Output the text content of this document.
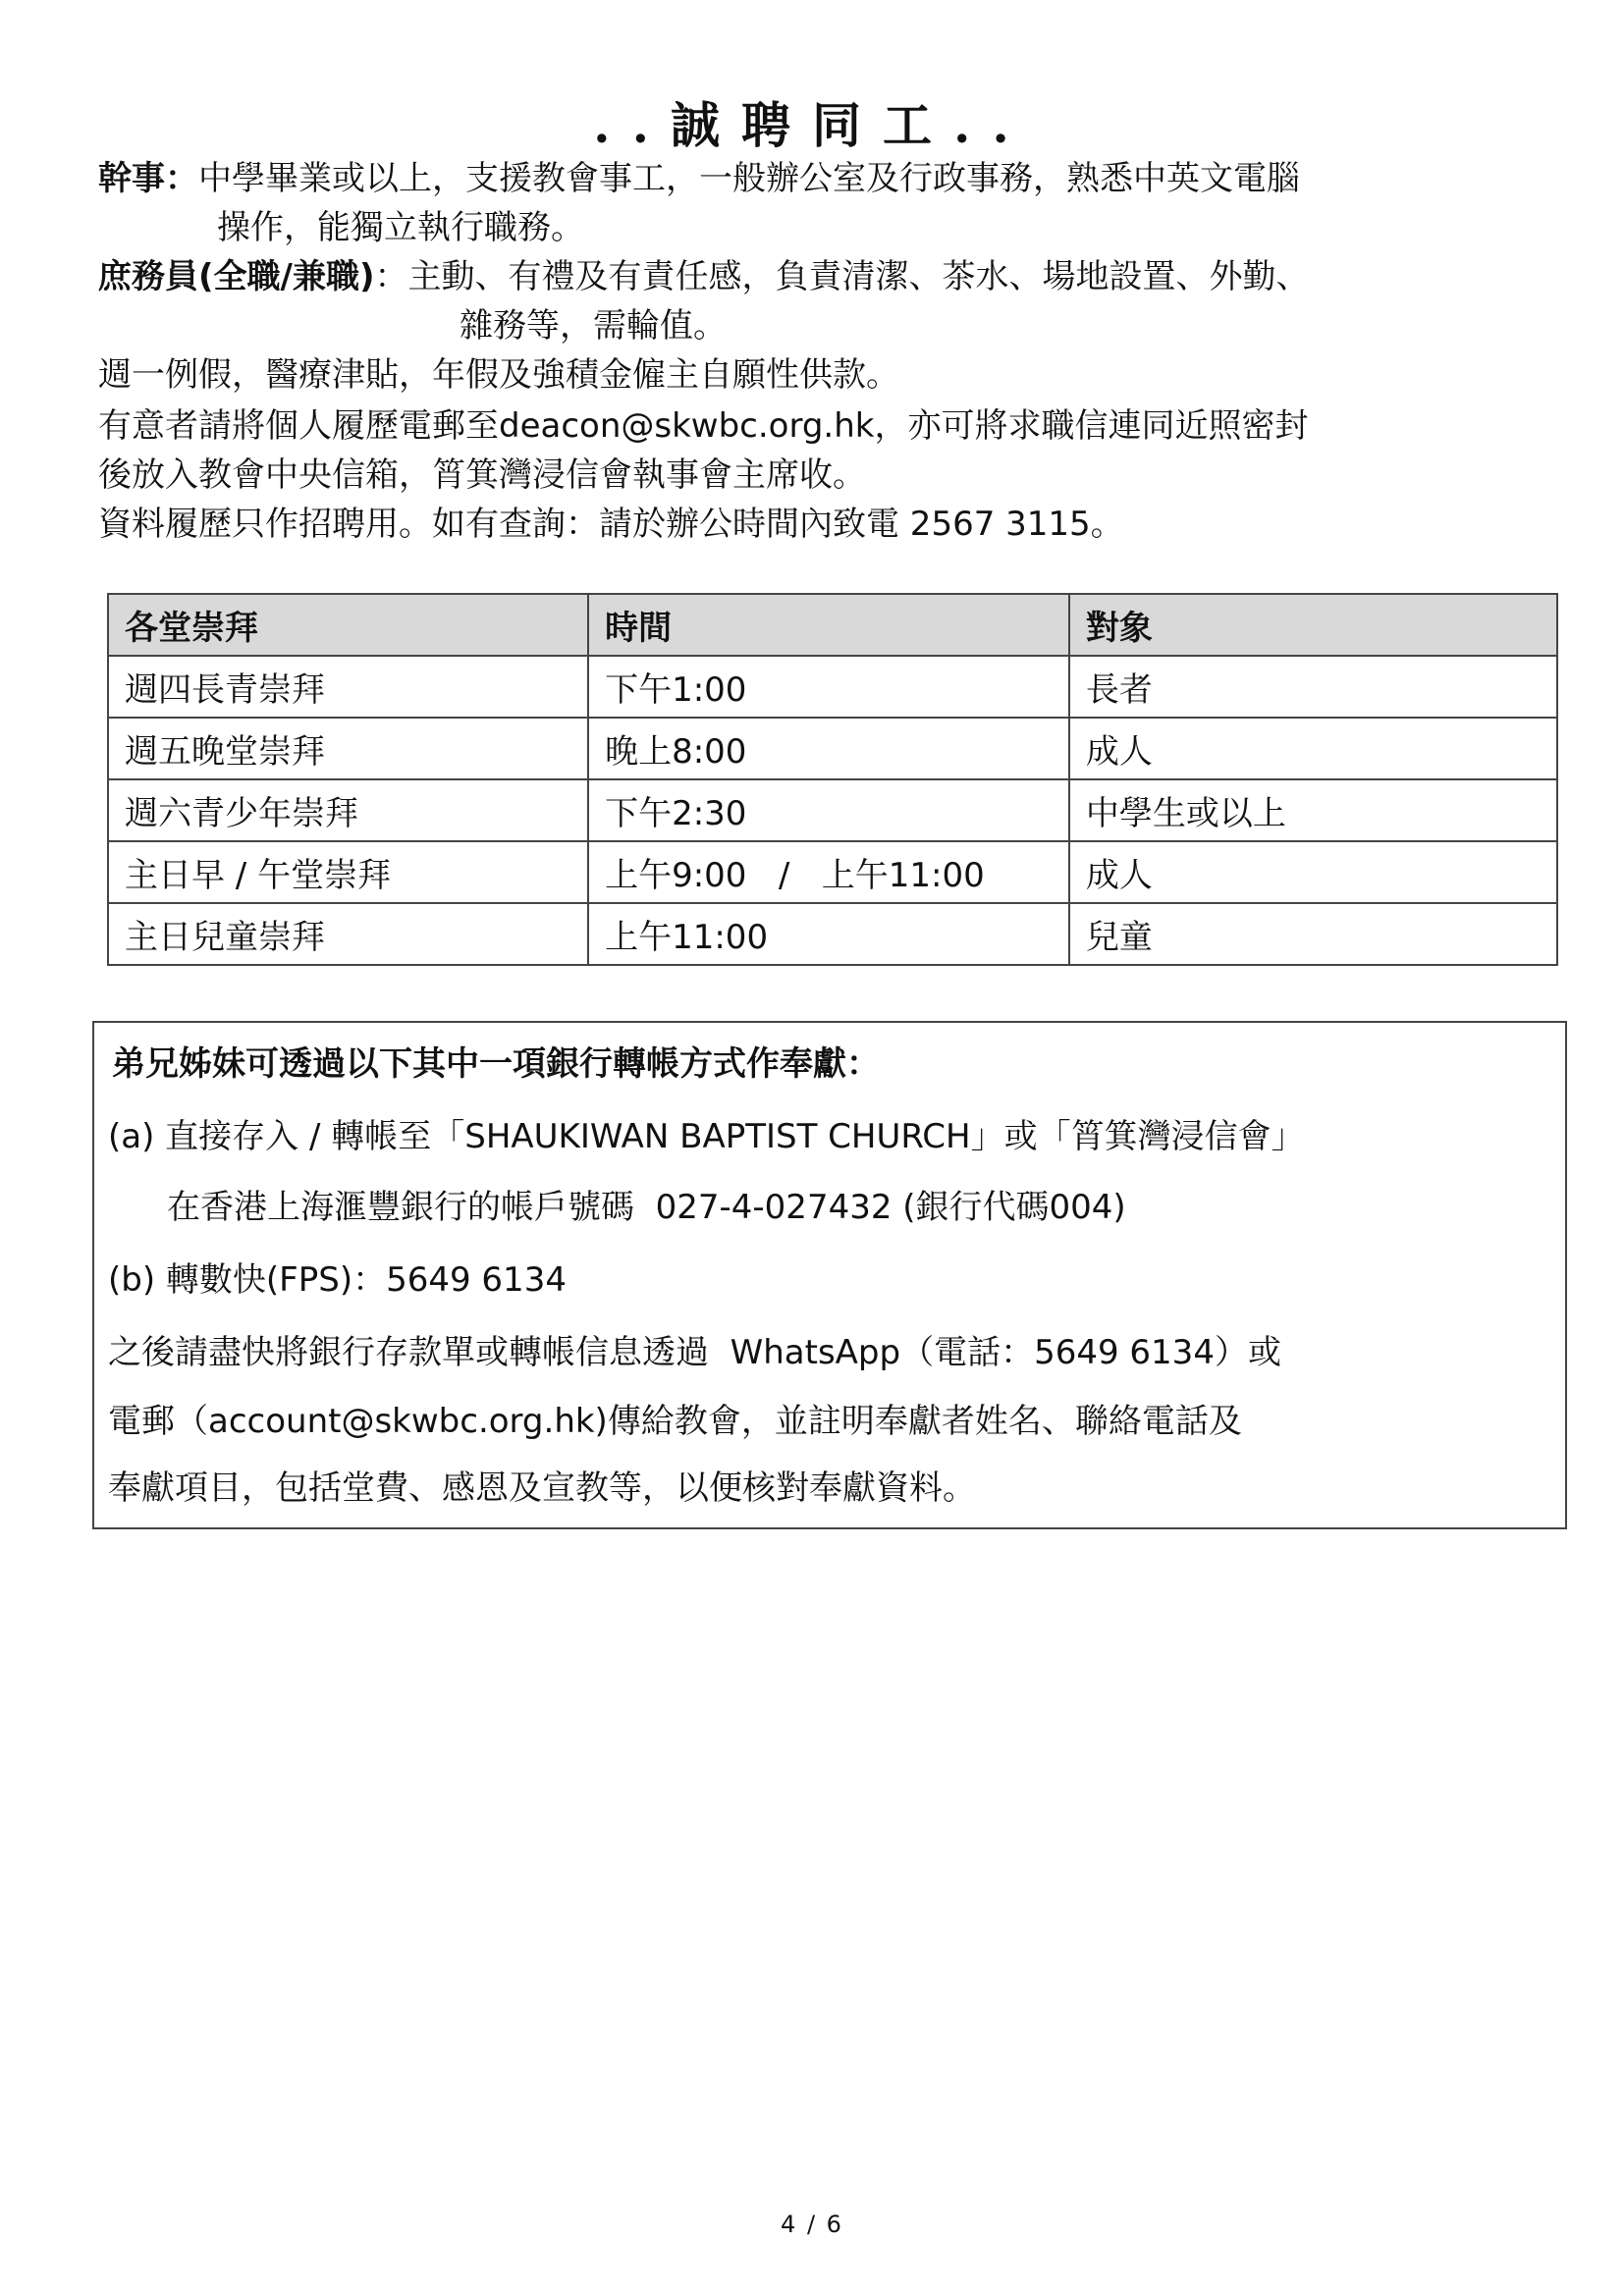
..誠聘同工..
幹事：中學畢業或以上，支援教會事工，一般辦公室及行政事務，熟悉中英文電腦
操作，能獨立執行職務。
庶務員(全職/兼職)：主動、有禮及有責任感，負責清潔、茶水、場地設置、外勤、
雜務等，需輪值。
週一例假，醫療津貼，年假及強積金僱主自願性供款。
有意者請將個人履歷電郵至deacon@skwbc.org.hk，亦可將求職信連同近照密封
後放入教會中央信箱，筲箕灣浸信會執事會主席收。
資料履歷只作招聘用。如有查詢：請於辦公時間內致電 2567 3115。
各堂崇拜	時間	對象
週四長青崇拜	下午1:00	長者
週五晚堂崇拜	晚上8:00	成人
週六青少年崇拜	下午2:30	中學生或以上
主日早 / 午堂崇拜	上午9:00   /   上午11:00	成人
主日兒童崇拜	上午11:00	兒童
弟兄姊妹可透過以下其中一項銀行轉帳方式作奉獻：
(a) 直接存入 / 轉帳至「SHAUKIWAN BAPTIST CHURCH」或「筲箕灣浸信會」
在香港上海滙豐銀行的帳戶號碼  027-4-027432 (銀行代碼004)
(b) 轉數快(FPS)：5649 6134
之後請盡快將銀行存款單或轉帳信息透過  WhatsApp（電話：5649 6134）或
電郵（account@skwbc.org.hk)傳給教會，並註明奉獻者姓名、聯絡電話及
奉獻項目，包括堂費、感恩及宣教等，以便核對奉獻資料。
4 / 6
